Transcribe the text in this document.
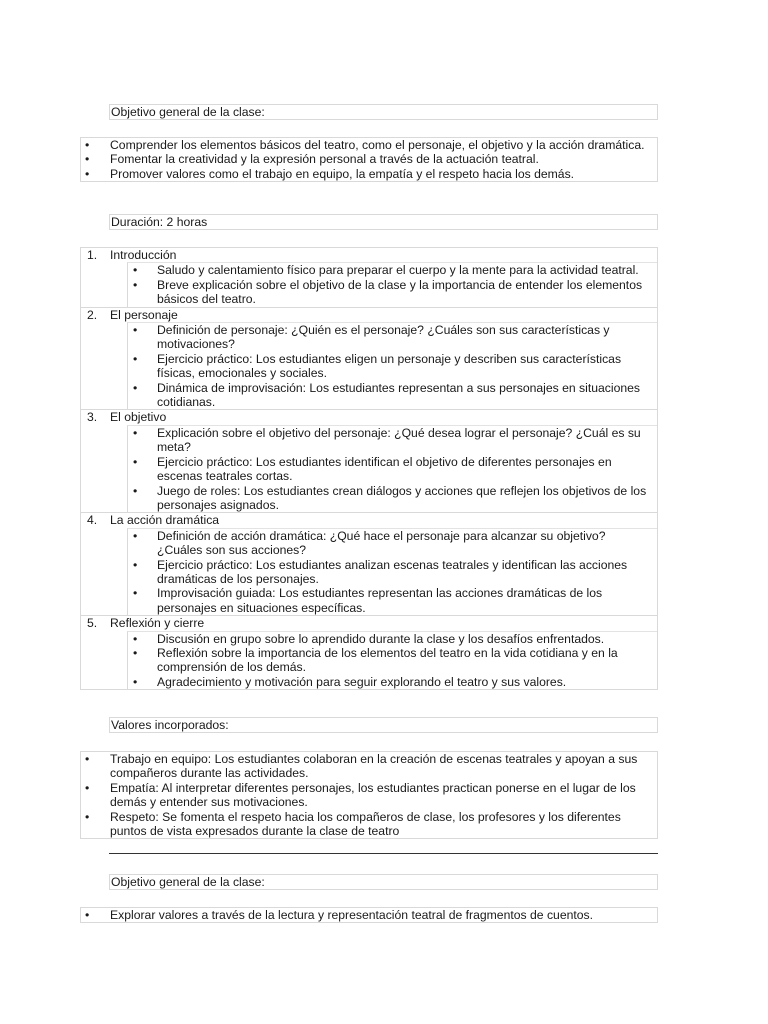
Objetivo general de la clase:
• Comprender los elementos básicos del teatro, como el personaje, el objetivo y la acción dramática.
• Fomentar la creatividad y la expresión personal a través de la actuación teatral.
• Promover valores como el trabajo en equipo, la empatía y el respeto hacia los demás.
Duración: 2 horas
1. Introducción
• Saludo y calentamiento físico para preparar el cuerpo y la mente para la actividad teatral.
• Breve explicación sobre el objetivo de la clase y la importancia de entender los elementos básicos del teatro.
2. El personaje
• Definición de personaje: ¿Quién es el personaje? ¿Cuáles son sus características y motivaciones?
• Ejercicio práctico: Los estudiantes eligen un personaje y describen sus características físicas, emocionales y sociales.
• Dinámica de improvisación: Los estudiantes representan a sus personajes en situaciones cotidianas.
3. El objetivo
• Explicación sobre el objetivo del personaje: ¿Qué desea lograr el personaje? ¿Cuál es su meta?
• Ejercicio práctico: Los estudiantes identifican el objetivo de diferentes personajes en escenas teatrales cortas.
• Juego de roles: Los estudiantes crean diálogos y acciones que reflejen los objetivos de los personajes asignados.
4. La acción dramática
• Definición de acción dramática: ¿Qué hace el personaje para alcanzar su objetivo? ¿Cuáles son sus acciones?
• Ejercicio práctico: Los estudiantes analizan escenas teatrales y identifican las acciones dramáticas de los personajes.
• Improvisación guiada: Los estudiantes representan las acciones dramáticas de los personajes en situaciones específicas.
5. Reflexión y cierre
• Discusión en grupo sobre lo aprendido durante la clase y los desafíos enfrentados.
• Reflexión sobre la importancia de los elementos del teatro en la vida cotidiana y en la comprensión de los demás.
• Agradecimiento y motivación para seguir explorando el teatro y sus valores.
Valores incorporados:
• Trabajo en equipo: Los estudiantes colaboran en la creación de escenas teatrales y apoyan a sus compañeros durante las actividades.
• Empatía: Al interpretar diferentes personajes, los estudiantes practican ponerse en el lugar de los demás y entender sus motivaciones.
• Respeto: Se fomenta el respeto hacia los compañeros de clase, los profesores y los diferentes puntos de vista expresados durante la clase de teatro
Objetivo general de la clase:
• Explorar valores a través de la lectura y representación teatral de fragmentos de cuentos.
